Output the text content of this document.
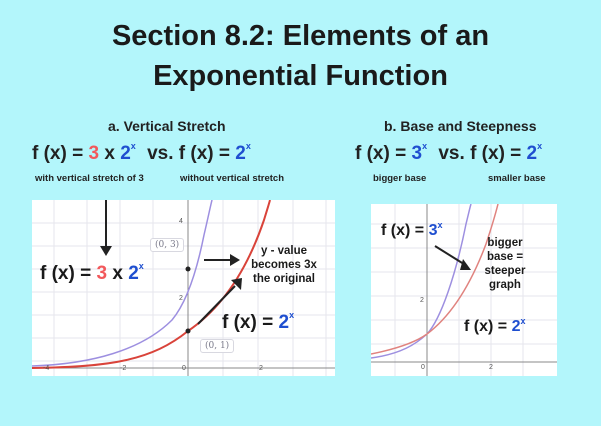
Section 8.2: Elements of an
Exponential Function
a. Vertical Stretch
f (x) = 3 x 2$^x$ vs. f $(x) = 2^x$
with vertical stretch of 3	without vertical stretch
b. Base and Steepness
f $(x) = 3^x$ vs. f $(x) = 2^x$
bigger base	smaller base
-4	-2	0	2
4
2
(0, 3)
(0, 1)
f (x) = 3 x 2$^x$
f $(x) = 2^x$
y - value
becomes 3x
the original
0	2
2
f $(x) = 3^x$
f $(x) = 2^x$
bigger
base =
steeper
graph
